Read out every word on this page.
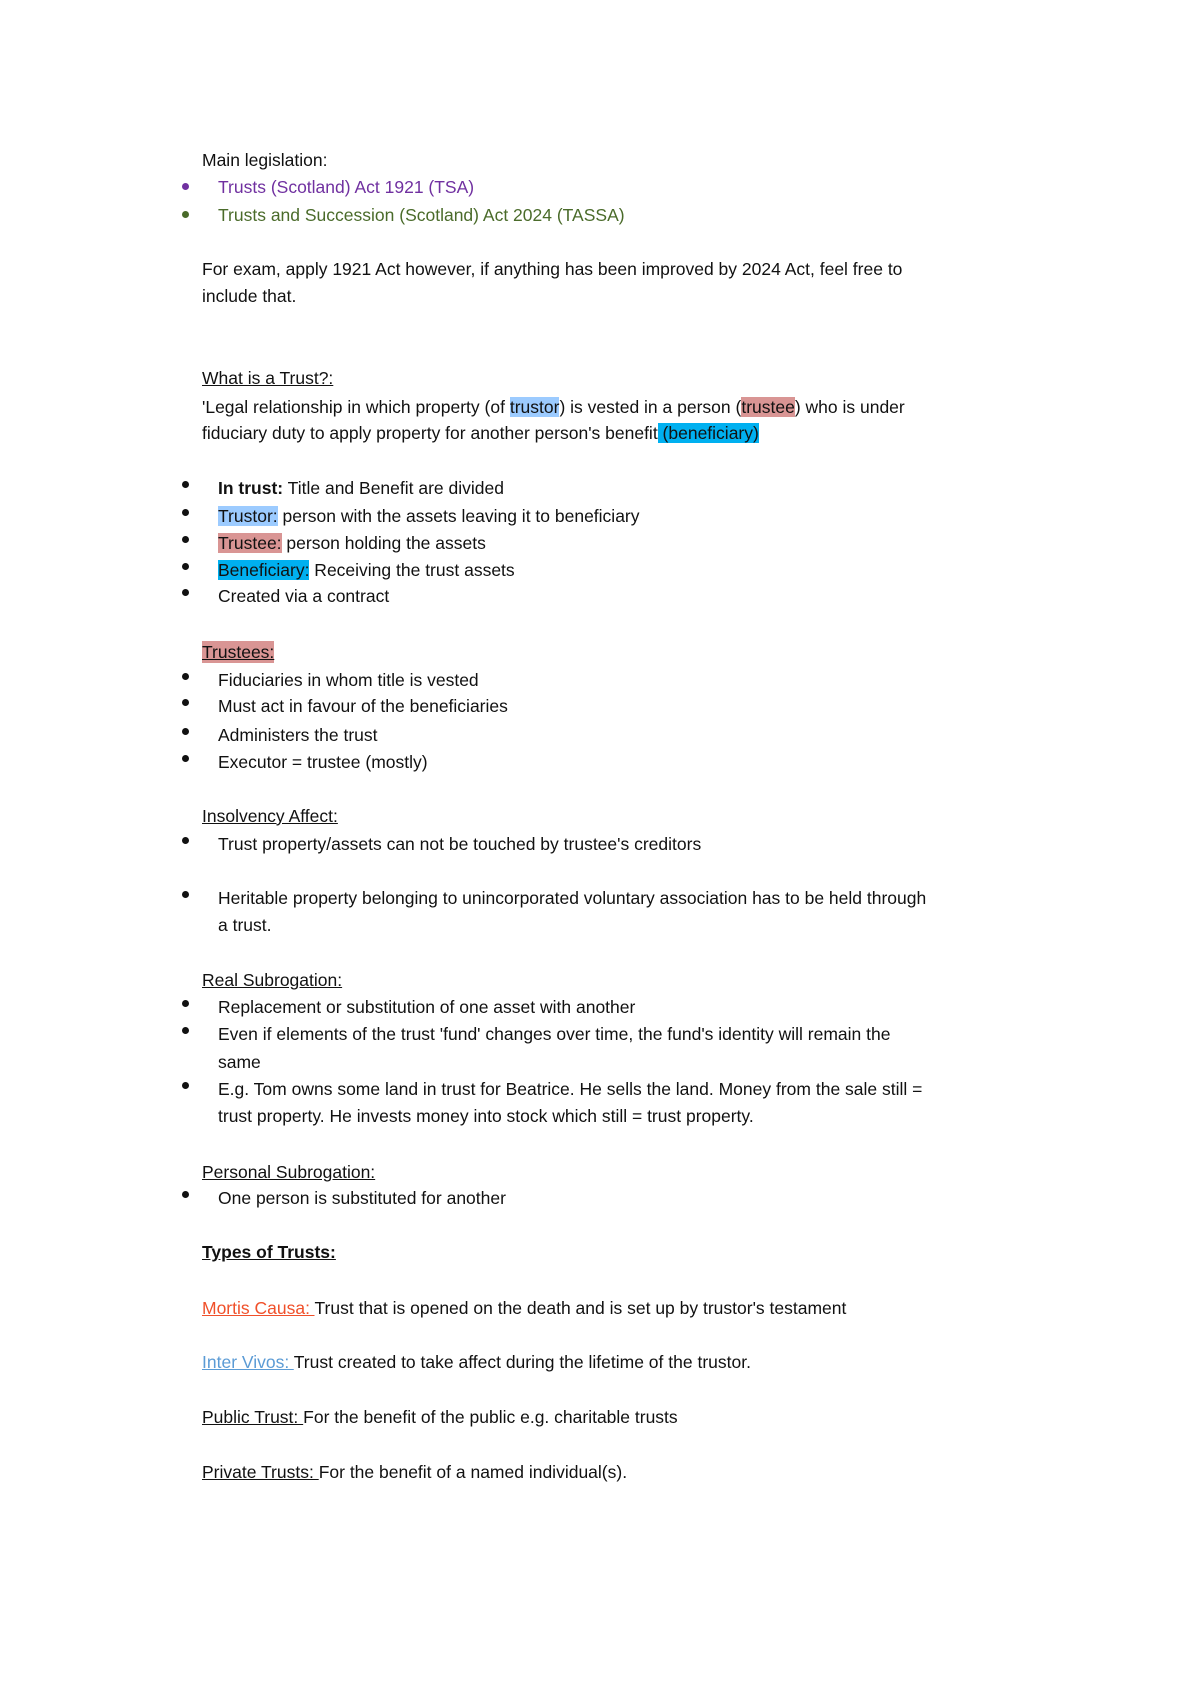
Main legislation:
Trusts (Scotland) Act 1921 (TSA)
Trusts and Succession (Scotland) Act 2024 (TASSA)
For exam, apply 1921 Act however, if anything has been improved by 2024 Act, feel free to
include that.
What is a Trust?:
'Legal relationship in which property (of trustor) is vested in a person (trustee) who is under
fiduciary duty to apply property for another person's benefit (beneficiary)
In trust: Title and Benefit are divided
Trustor: person with the assets leaving it to beneficiary
Trustee: person holding the assets
Beneficiary: Receiving the trust assets
Created via a contract
Trustees:
Fiduciaries in whom title is vested
Must act in favour of the beneficiaries
Administers the trust
Executor = trustee (mostly)
Insolvency Affect:
Trust property/assets can not be touched by trustee's creditors
Heritable property belonging to unincorporated voluntary association has to be held through
a trust.
Real Subrogation:
Replacement or substitution of one asset with another
Even if elements of the trust 'fund' changes over time, the fund's identity will remain the
same
E.g. Tom owns some land in trust for Beatrice. He sells the land. Money from the sale still =
trust property. He invests money into stock which still = trust property.
Personal Subrogation:
One person is substituted for another
Types of Trusts:
Mortis Causa: Trust that is opened on the death and is set up by trustor's testament
Inter Vivos: Trust created to take affect during the lifetime of the trustor.
Public Trust: For the benefit of the public e.g. charitable trusts
Private Trusts: For the benefit of a named individual(s).
